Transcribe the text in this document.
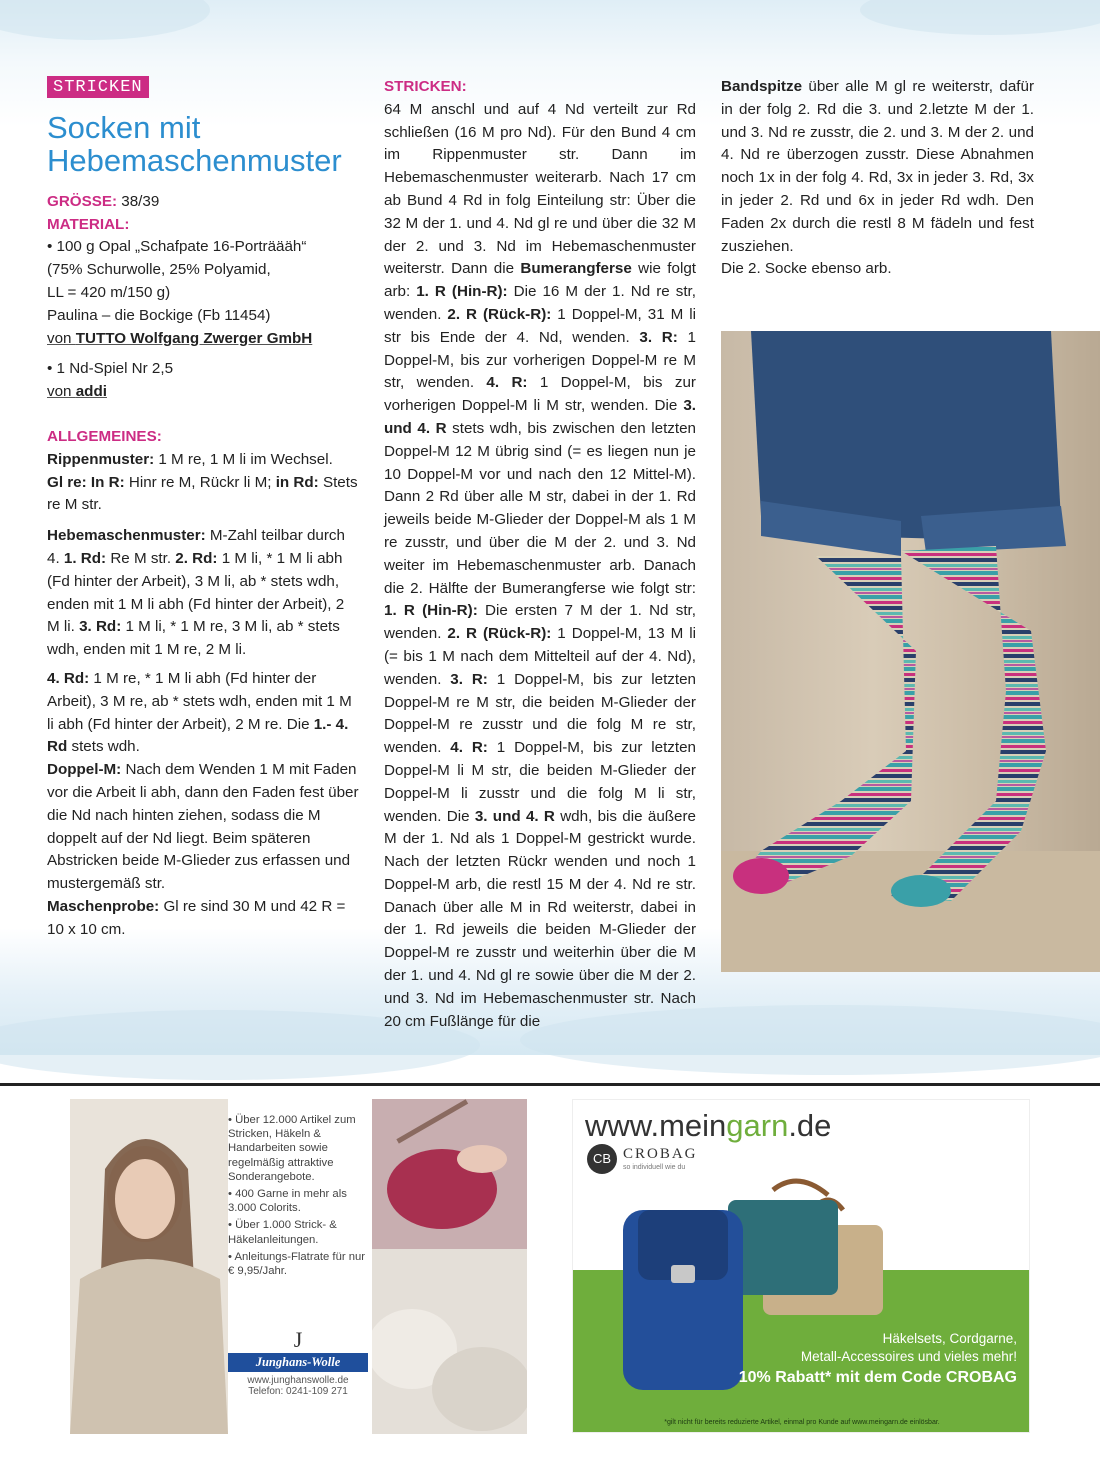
STRICKEN
Socken mit
Hebemaschenmuster

GRÖSSE: 38/39

MATERIAL:

• 100 g Opal „Schafpate 16-Porträääh“

(75% Schurwolle, 25% Polyamid,

LL = 420 m/150 g)

Paulina – die Bockige (Fb 11454)

von TUTTO Wolfgang Zwerger GmbH

• 1 Nd-Spiel Nr 2,5

von addi

ALLGEMEINES:

Rippenmuster: 1 M re, 1 M li im Wechsel.

Gl re: In R: Hinr re M, Rückr li M; in Rd: Stets re M str.

Hebemaschenmuster: M-Zahl teilbar durch 4. 1. Rd: Re M str. 2. Rd: 1 M li, * 1 M li abh (Fd hinter der Arbeit), 3 M li, ab * stets wdh, enden mit 1 M li abh (Fd hinter der Arbeit), 2 M li. 3. Rd: 1 M li, * 1 M re, 3 M li, ab * stets wdh, enden mit 1 M re, 2 M li.

4. Rd: 1 M re, * 1 M li abh (Fd hinter der Arbeit), 3 M re, ab * stets wdh, enden mit 1 M li abh (Fd hinter der Arbeit), 2 M re. Die 1.- 4. Rd stets wdh.

Doppel-M: Nach dem Wenden 1 M mit Faden vor die Arbeit li abh, dann den Faden fest über die Nd nach hinten ziehen, sodass die M doppelt auf der Nd liegt. Beim späteren Abstricken beide M-Glieder zus erfassen und mustergemäß str.

Maschenprobe: Gl re sind 30 M und 42 R = 10 x 10 cm.

STRICKEN:

64 M anschl und auf 4 Nd verteilt zur Rd schließen (16 M pro Nd). Für den Bund 4 cm im Rippenmuster str. Dann im Hebemaschenmuster weiterarb. Nach 17 cm ab Bund 4 Rd in folg Einteilung str: Über die 32 M der 1. und 4. Nd gl re und über die 32 M der 2. und 3. Nd im Hebemaschenmuster weiterstr. Dann die Bumerangferse wie folgt arb: 1. R (Hin-R): Die 16 M der 1. Nd re str, wenden. 2. R (Rück-R): 1 Doppel-M, 31 M li str bis Ende der 4. Nd, wenden. 3. R: 1 Doppel-M, bis zur vorherigen Doppel-M re M str, wenden. 4. R: 1 Doppel-M, bis zur vorherigen Doppel-M li M str, wenden. Die 3. und 4. R stets wdh, bis zwischen den letzten Doppel-M 12 M übrig sind (= es liegen nun je 10 Doppel-M vor und nach den 12 Mittel-M). Dann 2 Rd über alle M str, dabei in der 1. Rd jeweils beide M-Glieder der Doppel-M als 1 M re zusstr, und über die M der 2. und 3. Nd weiter im Hebemaschenmuster arb. Danach die 2. Hälfte der Bumerangferse wie folgt str: 1. R (Hin-R): Die ersten 7 M der 1. Nd str, wenden. 2. R (Rück-R): 1 Doppel-M, 13 M li (= bis 1 M nach dem Mittelteil auf der 4. Nd), wenden. 3. R: 1 Doppel-M, bis zur letzten Doppel-M re M str, die beiden M-Glieder der Doppel-M re zusstr und die folg M re str, wenden. 4. R: 1 Doppel-M, bis zur letzten Doppel-M li M str, die beiden M-Glieder der Doppel-M li zusstr und die folg M li str, wenden. Die 3. und 4. R wdh, bis die äußere M der 1. Nd als 1 Doppel-M gestrickt wurde. Nach der letzten Rückr wenden und noch 1 Doppel-M arb, die restl 15 M der 4. Nd re str. Danach über alle M in Rd weiterstr, dabei in der 1. Rd jeweils die beiden M-Glieder der Doppel-M re zusstr und weiterhin über die M der 1. und 4. Nd gl re sowie über die M der 2. und 3. Nd im Hebemaschenmuster str. Nach 20 cm Fußlänge für die

Bandspitze über alle M gl re weiterstr, dafür in der folg 2. Rd die 3. und 2.letzte M der 1. und 3. Nd re zusstr, die 2. und 3. M der 2. und 4. Nd re überzogen zusstr. Diese Abnahmen noch 1x in der folg 4. Rd, 3x in jeder 3. Rd, 3x in jeder 2. Rd und 6x in jeder Rd wdh. Den Faden 2x durch die restl 8 M fädeln und fest zusziehen.

Die 2. Socke ebenso arb.

• Über 12.000 Artikel zum Stricken, Häkeln & Handarbeiten sowie regelmäßig attraktive Sonderangebote.

• 400 Garne in mehr als 3.000 Colorits.

• Über 1.000 Strick- & Häkelanleitungen.

• Anleitungs-Flatrate für nur € 9,95/Jahr.

J
Junghans-Wolle
www.junghanswolle.de
Telefon: 0241-109 271
www.meingarn.de
CB CROBAG
so individuell wie du
Häkelsets, Cordgarne,
Metall-Accessoires und vieles mehr!
10% Rabatt* mit dem Code CROBAG
*gilt nicht für bereits reduzierte Artikel, einmal pro Kunde auf www.meingarn.de einlösbar.
